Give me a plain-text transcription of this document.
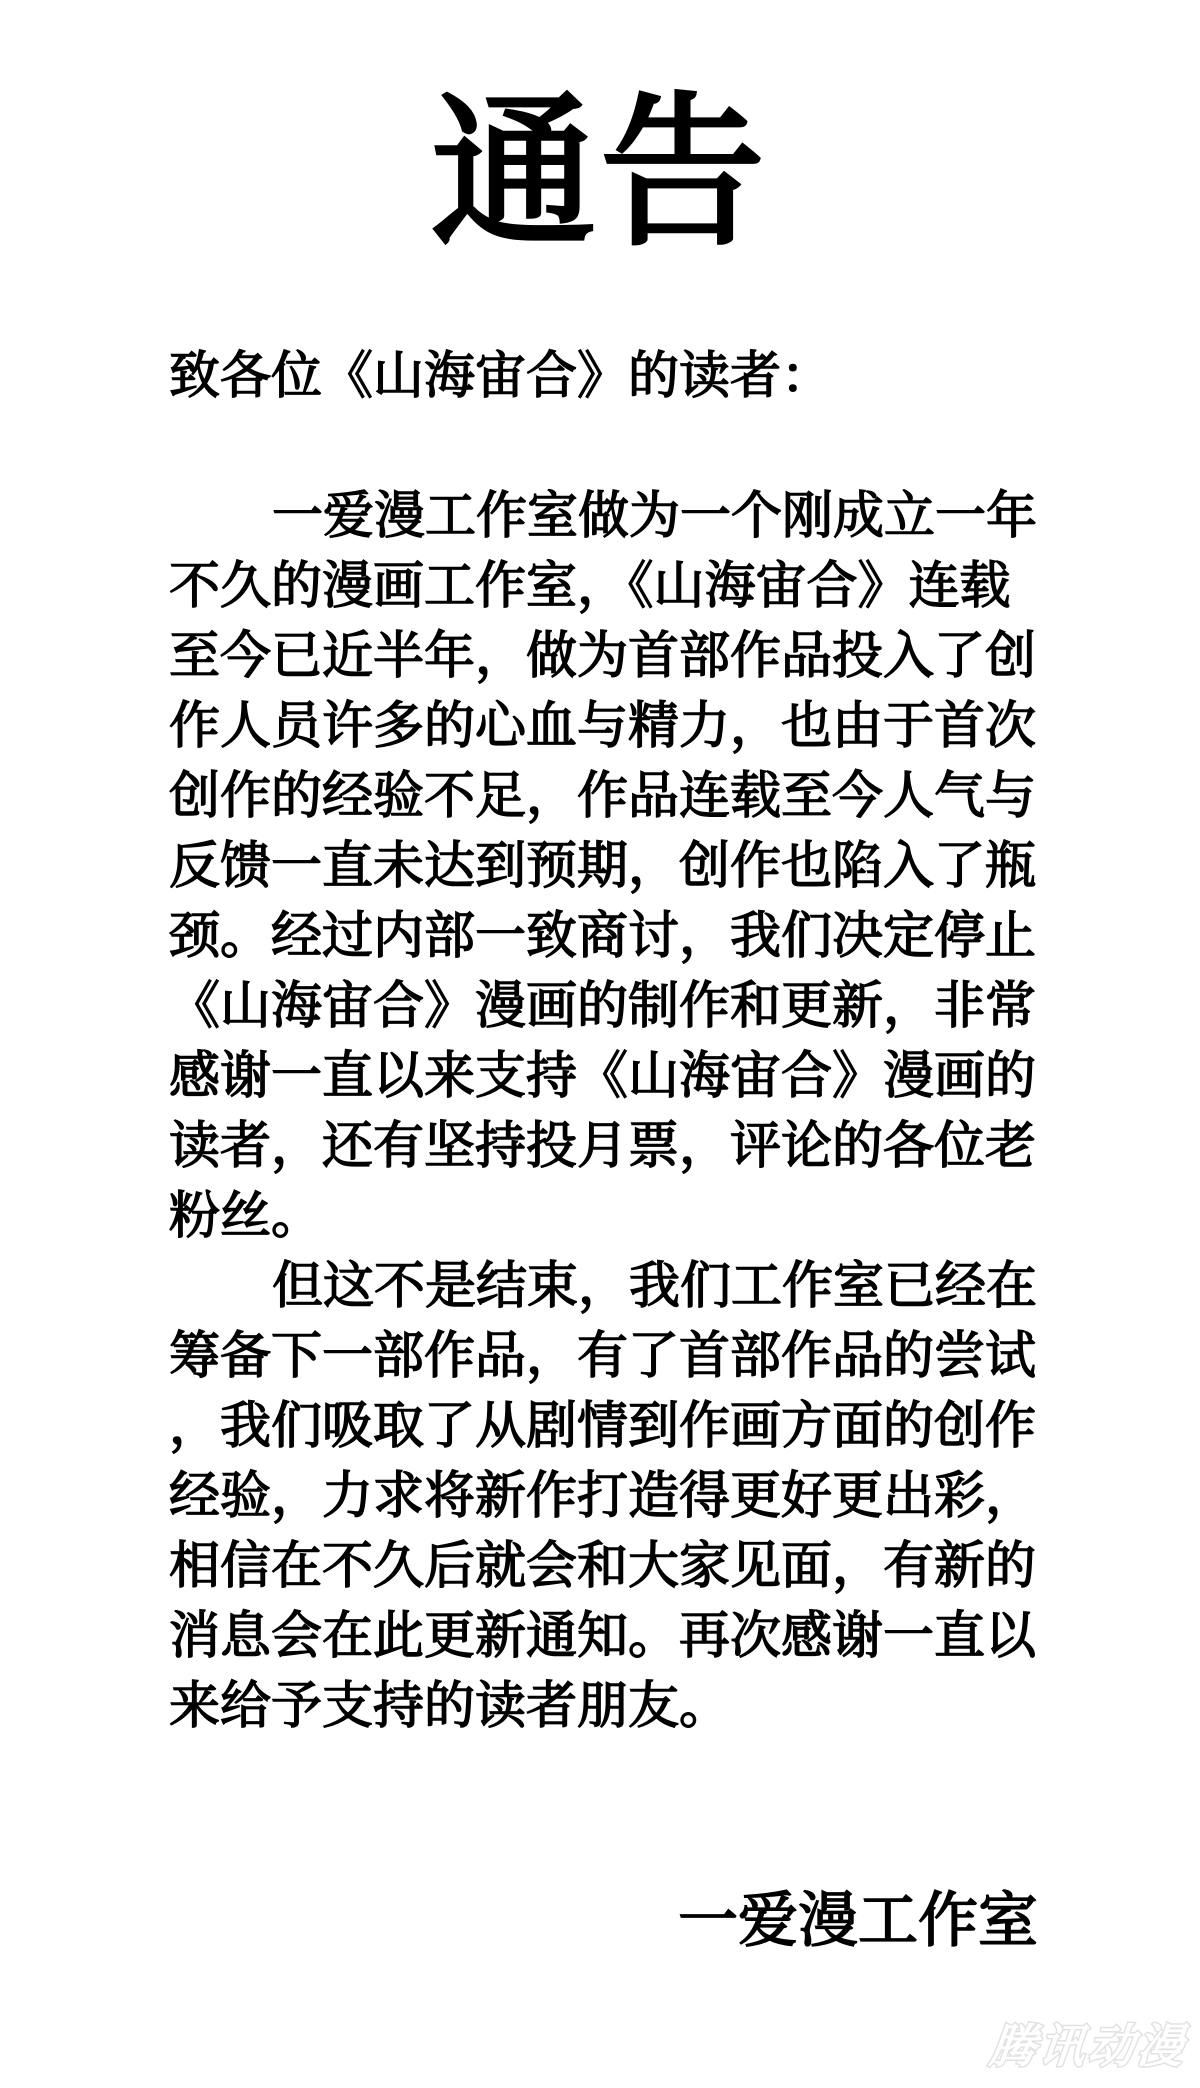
通告
致各位《山海宙合》的读者：
一爱漫工作室做为一个刚成立一年
不久的漫画工作室，《山海宙合》连载
至今已近半年，做为首部作品投入了创
作人员许多的心血与精力，也由于首次
创作的经验不足，作品连载至今人气与
反馈一直未达到预期，创作也陷入了瓶
颈。经过内部一致商讨，我们决定停止
《山海宙合》漫画的制作和更新，非常
感谢一直以来支持《山海宙合》漫画的
读者，还有坚持投月票，评论的各位老
粉丝。
但这不是结束，我们工作室已经在
筹备下一部作品，有了首部作品的尝试
，我们吸取了从剧情到作画方面的创作
经验，力求将新作打造得更好更出彩，
相信在不久后就会和大家见面，有新的
消息会在此更新通知。再次感谢一直以
来给予支持的读者朋友。
一爱漫工作室
腾讯动漫
